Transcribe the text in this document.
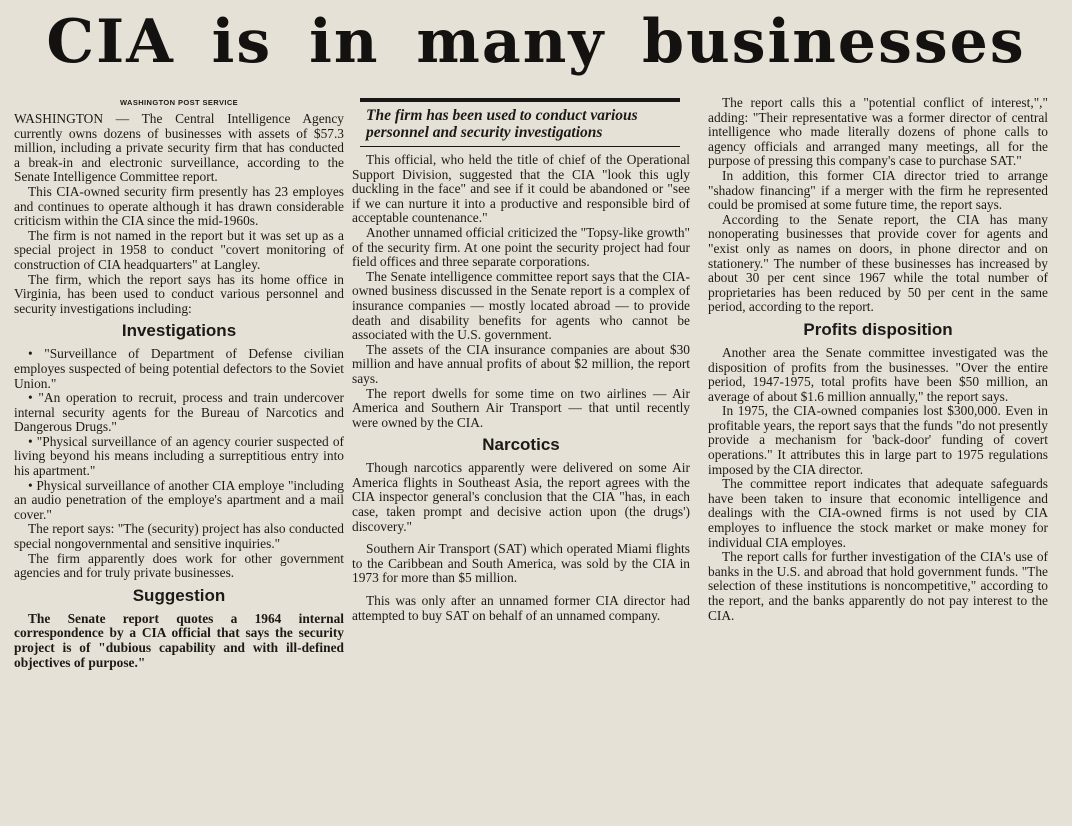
CIA is in many businesses
WASHINGTON POST SERVICE

WASHINGTON — The Central Intelligence Agency currently owns dozens of businesses with assets of $57.3 million, including a private security firm that has conducted a break-in and electronic surveillance, according to the Senate Intelligence Committee report.

This CIA-owned security firm presently has 23 employes and continues to operate although it has drawn considerable criticism within the CIA since the mid-1960s.

The firm is not named in the report but it was set up as a special project in 1958 to conduct "covert monitoring of construction of CIA headquarters" at Langley.

The firm, which the report says has its home office in Virginia, has been used to conduct various personnel and security investigations including:

Investigations

• "Surveillance of Department of Defense civilian employes suspected of being potential defectors to the Soviet Union."

• "An operation to recruit, process and train undercover internal security agents for the Bureau of Narcotics and Dangerous Drugs."

• "Physical surveillance of an agency courier suspected of living beyond his means including a surreptitious entry into his apartment."

• Physical surveillance of another CIA employe "including an audio penetration of the employe's apartment and a mail cover."

The report says: "The (security) project has also conducted special nongovernmental and sensitive inquiries."

The firm apparently does work for other government agencies and for truly private businesses.

Suggestion

The Senate report quotes a 1964 internal correspondence by a CIA official that says the security project is of "dubious capability and with ill-defined objectives of purpose."

The firm has been used to conduct various personnel and security investigations

This official, who held the title of chief of the Operational Support Division, suggested that the CIA "look this ugly duckling in the face" and see if it could be abandoned or "see if we can nurture it into a productive and responsible bird of acceptable countenance."

Another unnamed official criticized the "Topsy-like growth" of the security firm. At one point the security project had four field offices and three separate corporations.

The Senate intelligence committee report says that the CIA-owned business discussed in the Senate report is a complex of insurance companies — mostly located abroad — to provide death and disability benefits for agents who cannot be associated with the U.S. government.

The assets of the CIA insurance companies are about $30 million and have annual profits of about $2 million, the report says.

The report dwells for some time on two airlines — Air America and Southern Air Transport — that until recently were owned by the CIA.

Narcotics

Though narcotics apparently were delivered on some Air America flights in Southeast Asia, the report agrees with the CIA inspector general's conclusion that the CIA "has, in each case, taken prompt and decisive action upon (the drugs') discovery."

Southern Air Transport (SAT) which operated Miami flights to the Caribbean and South America, was sold by the CIA in 1973 for more than $5 million.

This was only after an unnamed former CIA director had attempted to buy SAT on behalf of an unnamed company.

The report calls this a "potential conflict of interest,"," adding: "Their representative was a former director of central intelligence who made literally dozens of phone calls to agency officials and arranged many meetings, all for the purpose of pressing this company's case to purchase SAT."

In addition, this former CIA director tried to arrange "shadow financing" if a merger with the firm he represented could be promised at some future time, the report says.

According to the Senate report, the CIA has many nonoperating businesses that provide cover for agents and "exist only as names on doors, in phone director and on stationery." The number of these businesses has increased by about 30 per cent since 1967 while the total number of proprietaries has been reduced by 50 per cent in the same period, according to the report.

Profits disposition

Another area the Senate committee investigated was the disposition of profits from the businesses. "Over the entire period, 1947-1975, total profits have been $50 million, an average of about $1.6 million annually," the report says.

In 1975, the CIA-owned companies lost $300,000. Even in profitable years, the report says that the funds "do not presently provide a mechanism for 'back-door' funding of covert operations." It attributes this in large part to 1975 regulations imposed by the CIA director.

The committee report indicates that adequate safeguards have been taken to insure that economic intelligence and dealings with the CIA-owned firms is not used by CIA employes to influence the stock market or make money for individual CIA employes.

The report calls for further investigation of the CIA's use of banks in the U.S. and abroad that hold government funds. "The selection of these institutions is noncompetitive," according to the report, and the banks apparently do not pay interest to the CIA.
